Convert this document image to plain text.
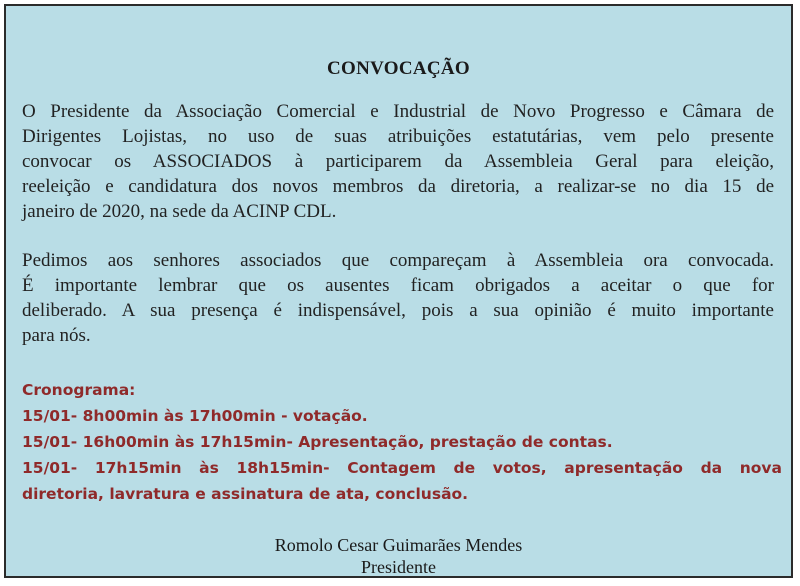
CONVOCAÇÃO
O Presidente da Associação Comercial e Industrial de Novo Progresso e Câmara de
Dirigentes Lojistas, no uso de suas atribuições estatutárias, vem pelo presente
convocar os ASSOCIADOS à participarem da Assembleia Geral para eleição,
reeleição e candidatura dos novos membros da diretoria, a realizar-se no dia 15 de
janeiro de 2020, na sede da ACINP CDL.
Pedimos aos senhores associados que compareçam à Assembleia ora convocada.
É importante lembrar que os ausentes ficam obrigados a aceitar o que for
deliberado. A sua presença é indispensável, pois a sua opinião é muito importante
para nós.
Cronograma:
15/01- 8h00min às 17h00min - votação.
15/01- 16h00min às 17h15min- Apresentação, prestação de contas.
15/01- 17h15min às 18h15min- Contagem de votos, apresentação da nova
diretoria, lavratura e assinatura de ata, conclusão.
Romolo Cesar Guimarães Mendes
Presidente
